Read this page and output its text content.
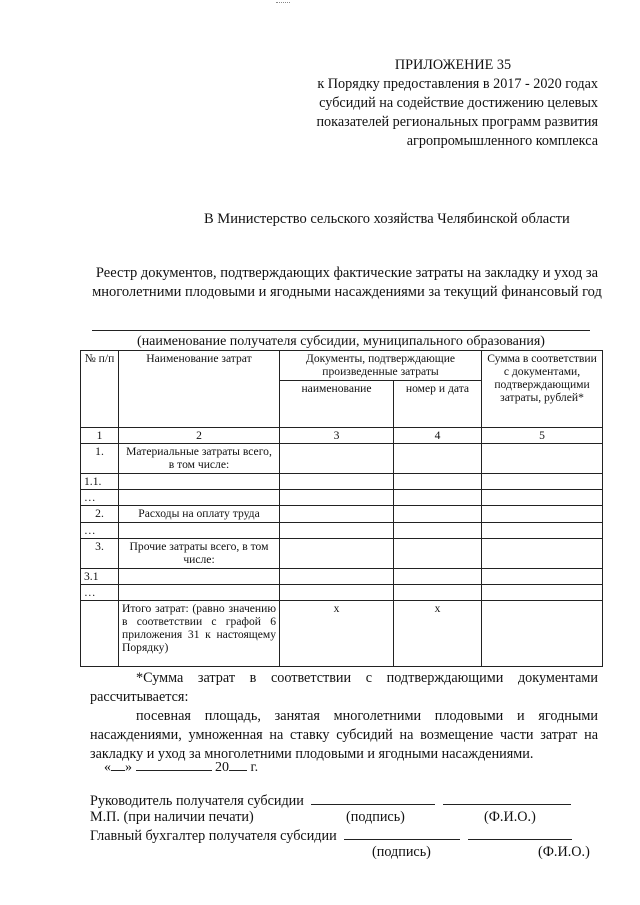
ПРИЛОЖЕНИЕ 35
к Порядку предоставления в 2017 - 2020 годах
субсидий на содействие достижению целевых
показателей региональных программ развития
агропромышленного комплекса
В Министерство сельского хозяйства Челябинской области
Реестр документов, подтверждающих фактические затраты на закладку и уход за многолетними плодовыми и ягодными насаждениями за текущий финансовый год
(наименование получателя субсидии, муниципального образования)
№ п/п	Наименование затрат	Документы, подтверждающие произведенные затраты		Сумма в соответствии с документами, подтверждающими затраты, рублей*
		наименование	номер и дата	
1	2	3	4	5
1.	Материальные затраты всего, в том числе:			
1.1.				
…				
2.	Расходы на оплату труда			
…				
3.	Прочие затраты всего, в том числе:			
3.1				
…				
	Итого затрат: (равно значению в соответствии с графой 6 приложения 31 к настоящему Порядку)	x	x	
*Сумма затрат в соответствии с подтверждающими документами рассчитывается:
посевная площадь, занятая многолетними плодовыми и ягодными насаждениями, умноженная на ставку субсидий на возмещение части затрат на закладку и уход за многолетними плодовыми и ягодными насаждениями.
« »	20 г.
Руководитель получателя субсидии
М.П. (при наличии печати)	(подпись)	(Ф.И.О.)
Главный бухгалтер получателя субсидии
(подпись)	(Ф.И.О.)
